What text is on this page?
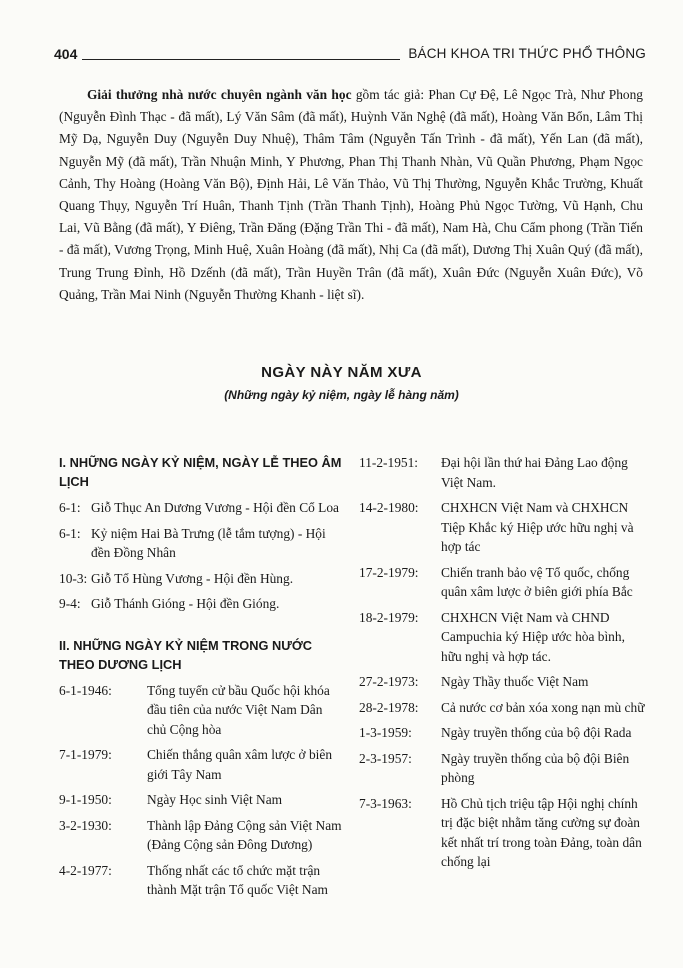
404	BÁCH KHOA TRI THỨC PHỔ THÔNG

Giải thưởng nhà nước chuyên ngành văn học gồm tác giả: Phan Cự Đệ, Lê Ngọc Trà, Như Phong (Nguyễn Đình Thạc - đã mất), Lý Văn Sâm (đã mất), Huỳnh Văn Nghệ (đã mất), Hoàng Văn Bổn, Lâm Thị Mỹ Dạ, Nguyễn Duy (Nguyễn Duy Nhuệ), Thâm Tâm (Nguyễn Tấn Trình - đã mất), Yến Lan (đã mất), Nguyễn Mỹ (đã mất), Trần Nhuận Minh, Y Phương, Phan Thị Thanh Nhàn, Vũ Quần Phương, Phạm Ngọc Cảnh, Thy Hoàng (Hoàng Văn Bộ), Định Hải, Lê Văn Thảo, Vũ Thị Thường, Nguyễn Khắc Trường, Khuất Quang Thụy, Nguyễn Trí Huân, Thanh Tịnh (Trần Thanh Tịnh), Hoàng Phủ Ngọc Tường, Vũ Hạnh, Chu Lai, Vũ Bằng (đã mất), Y Điêng, Trần Đăng (Đặng Trần Thi - đã mất), Nam Hà, Chu Cẩm phong (Trần Tiến - đã mất), Vương Trọng, Minh Huệ, Xuân Hoàng (đã mất), Nhị Ca (đã mất), Dương Thị Xuân Quý (đã mất), Trung Trung Đỉnh, Hồ Dzếnh (đã mất), Trần Huyền Trân (đã mất), Xuân Đức (Nguyễn Xuân Đức), Võ Quảng, Trần Mai Ninh (Nguyễn Thường Khanh - liệt sĩ).

NGÀY NÀY NĂM XƯA
(Những ngày kỷ niệm, ngày lễ hàng năm)
I. NHỮNG NGÀY KỶ NIỆM, NGÀY LỄ THEO ÂM LỊCH
6-1: Giỗ Thục An Dương Vương - Hội đền Cổ Loa
6-1: Kỷ niệm Hai Bà Trưng (lễ tắm tượng) - Hội đền Đồng Nhân
10-3: Giỗ Tổ Hùng Vương - Hội đền Hùng.
9-4: Giỗ Thánh Gióng - Hội đền Gióng.
II. NHỮNG NGÀY KỶ NIỆM TRONG NƯỚC THEO DƯƠNG LỊCH
6-1-1946:	Tổng tuyển cử bầu Quốc hội khóa đầu tiên của nước Việt Nam Dân chủ Cộng hòa
7-1-1979:	Chiến thắng quân xâm lược ở biên giới Tây Nam
9-1-1950:	Ngày Học sinh Việt Nam
3-2-1930:	Thành lập Đảng Cộng sản Việt Nam (Đảng Cộng sản Đông Dương)
4-2-1977:	Thống nhất các tổ chức mặt trận thành Mặt trận Tổ quốc Việt Nam
11-2-1951:	Đại hội lần thứ hai Đảng Lao động Việt Nam.
14-2-1980:	CHXHCN Việt Nam và CHXHCN Tiệp Khắc ký Hiệp ước hữu nghị và hợp tác
17-2-1979:	Chiến tranh bảo vệ Tổ quốc, chống quân xâm lược ở biên giới phía Bắc
18-2-1979:	CHXHCN Việt Nam và CHND Campuchia ký Hiệp ước hòa bình, hữu nghị và hợp tác.
27-2-1973:	Ngày Thầy thuốc Việt Nam
28-2-1978:	Cả nước cơ bản xóa xong nạn mù chữ
1-3-1959:	Ngày truyền thống của bộ đội Rada
2-3-1957:	Ngày truyền thống của bộ đội Biên phòng
7-3-1963:	Hồ Chủ tịch triệu tập Hội nghị chính trị đặc biệt nhằm tăng cường sự đoàn kết nhất trí trong toàn Đảng, toàn dân chống lại
